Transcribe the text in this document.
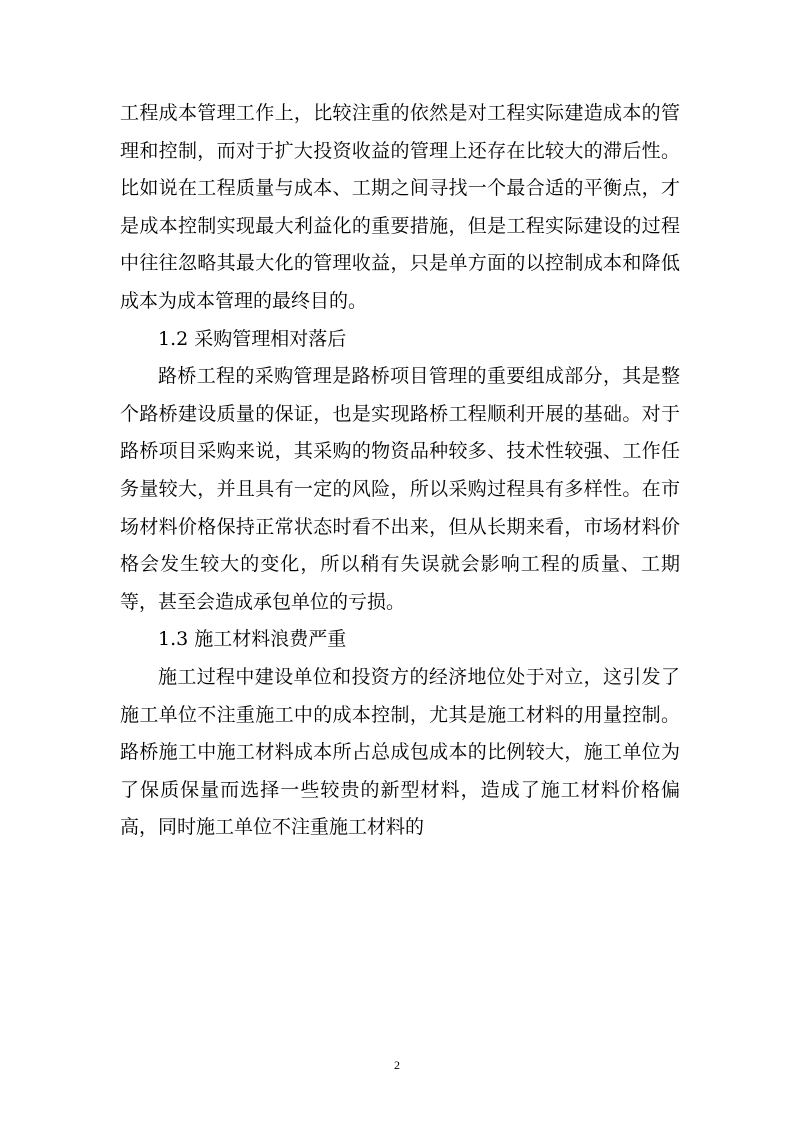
工程成本管理工作上，比较注重的依然是对工程实际建造成本的管理和控制，而对于扩大投资收益的管理上还存在比较大的滞后性。比如说在工程质量与成本、工期之间寻找一个最合适的平衡点，才是成本控制实现最大利益化的重要措施，但是工程实际建设的过程中往往忽略其最大化的管理收益，只是单方面的以控制成本和降低成本为成本管理的最终目的。

1.2 采购管理相对落后

路桥工程的采购管理是路桥项目管理的重要组成部分，其是整个路桥建设质量的保证，也是实现路桥工程顺利开展的基础。对于路桥项目采购来说，其采购的物资品种较多、技术性较强、工作任务量较大，并且具有一定的风险，所以采购过程具有多样性。在市场材料价格保持正常状态时看不出来，但从长期来看，市场材料价格会发生较大的变化，所以稍有失误就会影响工程的质量、工期等，甚至会造成承包单位的亏损。

1.3 施工材料浪费严重

施工过程中建设单位和投资方的经济地位处于对立，这引发了施工单位不注重施工中的成本控制，尤其是施工材料的用量控制。路桥施工中施工材料成本所占总成包成本的比例较大，施工单位为了保质保量而选择一些较贵的新型材料，造成了施工材料价格偏高，同时施工单位不注重施工材料的

2
